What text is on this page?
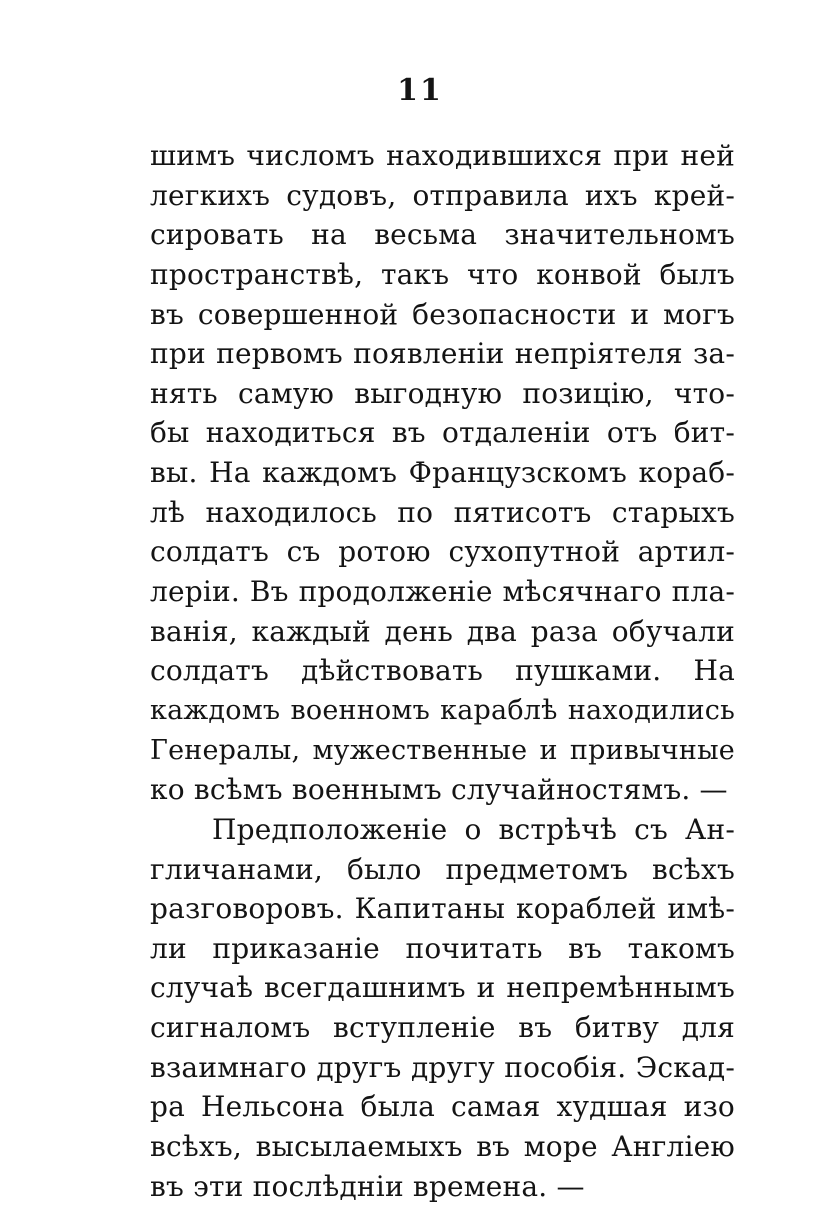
11
шимъ числомъ находившихся при ней
легкихъ судовъ, отправила ихъ крей-
сировать на весьма значительномъ
пространствѣ, такъ что конвой былъ
въ совершенной безопасности и могъ
при первомъ появленіи непріятеля за-
нять самую выгодную позицію, что-
бы находиться въ отдаленіи отъ бит-
вы. На каждомъ Французскомъ кораб-
лѣ находилось по пятисотъ старыхъ
солдатъ съ ротою сухопутной артил-
леріи. Въ продолженіе мѣсячнаго пла-
ванія, каждый день два раза обучали
солдатъ дѣйствовать пушками. На
каждомъ военномъ караблѣ находились
Генералы, мужественные и привычные
ко всѣмъ военнымъ случайностямъ. —
Предположеніе о встрѣчѣ съ Ан-
гличанами, было предметомъ всѣхъ
разговоровъ. Капитаны кораблей имѣ-
ли приказаніе почитать въ такомъ
случаѣ всегдашнимъ и непремѣннымъ
сигналомъ вступленіе въ битву для
взаимнаго другъ другу пособія. Эскад-
ра Нельсона была самая худшая изо
всѣхъ, высылаемыхъ въ море Англіею
въ эти послѣдніи времена. —
